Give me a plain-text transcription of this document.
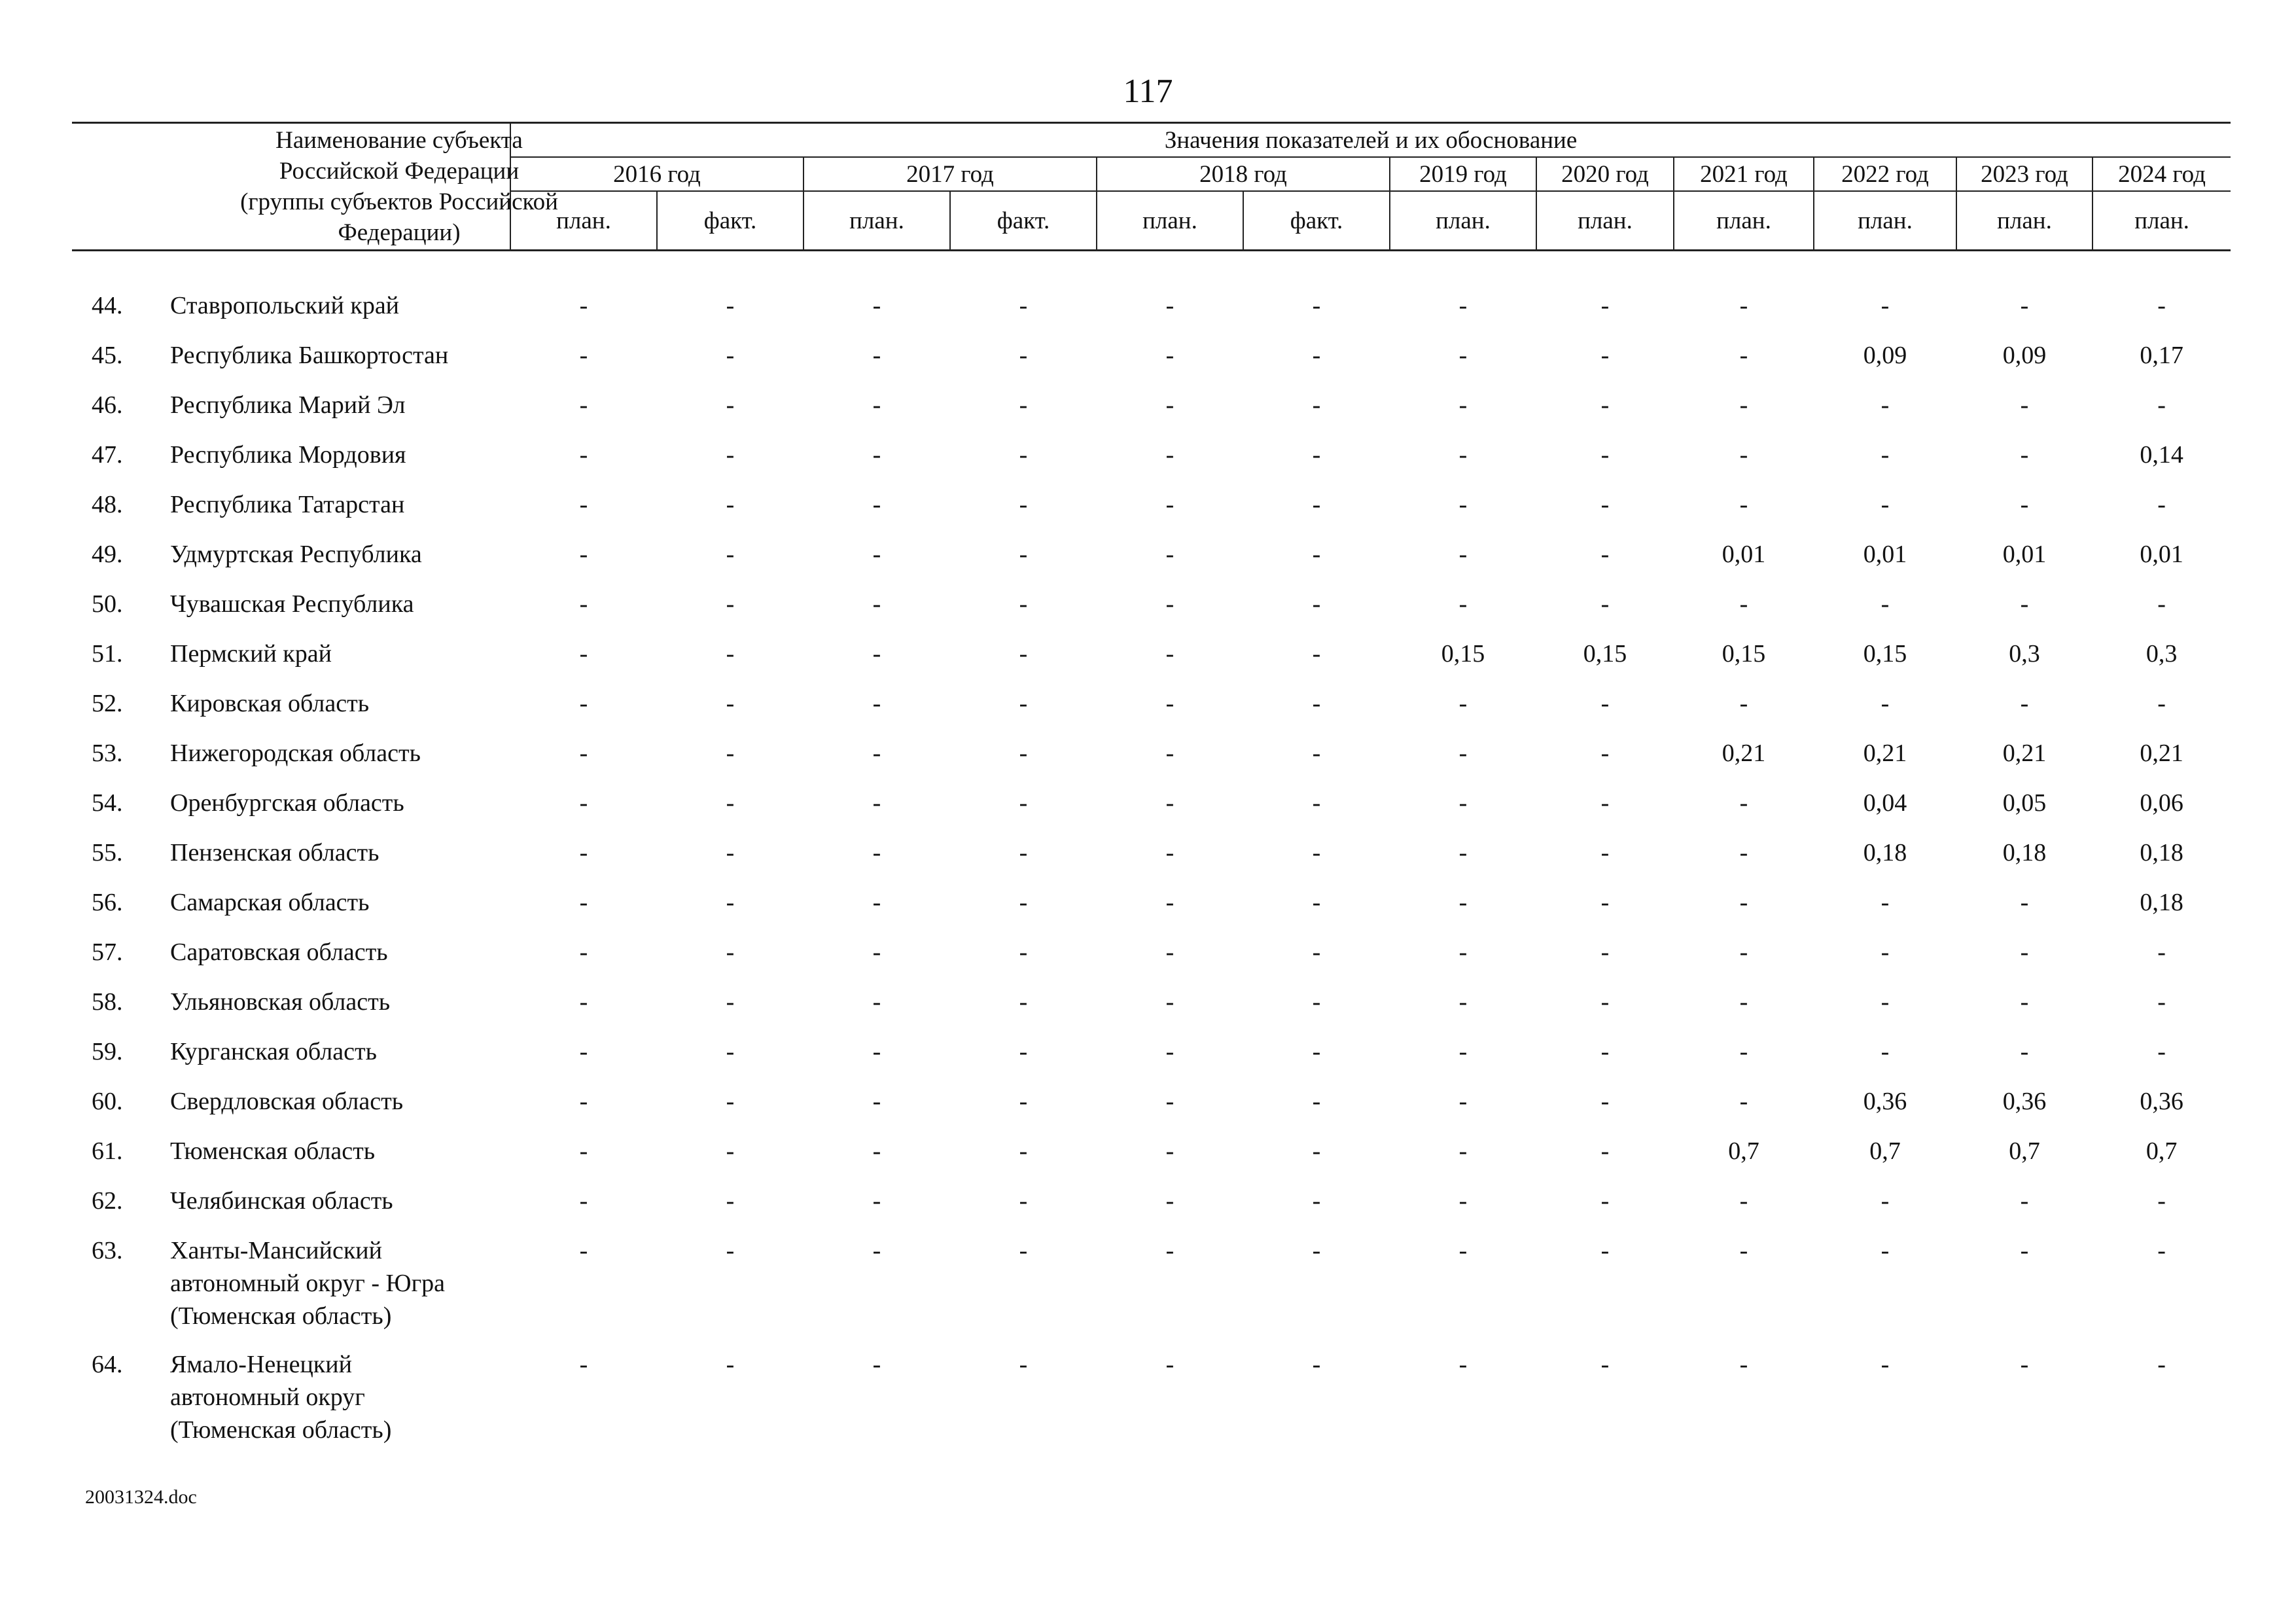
117
Наименование субъекта Российской Федерации (группы субъектов Российской Федерации)		Значения показателей и их обоснование											
		2016 год		2017 год		2018 год		2019 год	2020 год	2021 год	2022 год	2023 год	2024 год
		план.	факт.	план.	факт.	план.	факт.	план.	план.	план.	план.	план.	план.

44.	Ставропольский край	-	-	-	-	-	-	-	-	-	-	-	-
45.	Республика Башкортостан	-	-	-	-	-	-	-	-	-	0,09	0,09	0,17
46.	Республика Марий Эл	-	-	-	-	-	-	-	-	-	-	-	-
47.	Республика Мордовия	-	-	-	-	-	-	-	-	-	-	-	0,14
48.	Республика Татарстан	-	-	-	-	-	-	-	-	-	-	-	-
49.	Удмуртская Республика	-	-	-	-	-	-	-	-	0,01	0,01	0,01	0,01
50.	Чувашская Республика	-	-	-	-	-	-	-	-	-	-	-	-
51.	Пермский край	-	-	-	-	-	-	0,15	0,15	0,15	0,15	0,3	0,3
52.	Кировская область	-	-	-	-	-	-	-	-	-	-	-	-
53.	Нижегородская область	-	-	-	-	-	-	-	-	0,21	0,21	0,21	0,21
54.	Оренбургская область	-	-	-	-	-	-	-	-	-	0,04	0,05	0,06
55.	Пензенская область	-	-	-	-	-	-	-	-	-	0,18	0,18	0,18
56.	Самарская область	-	-	-	-	-	-	-	-	-	-	-	0,18
57.	Саратовская область	-	-	-	-	-	-	-	-	-	-	-	-
58.	Ульяновская область	-	-	-	-	-	-	-	-	-	-	-	-
59.	Курганская область	-	-	-	-	-	-	-	-	-	-	-	-
60.	Свердловская область	-	-	-	-	-	-	-	-	-	0,36	0,36	0,36
61.	Тюменская область	-	-	-	-	-	-	-	-	0,7	0,7	0,7	0,7
62.	Челябинская область	-	-	-	-	-	-	-	-	-	-	-	-
63.	Ханты-Мансийский автономный округ - Югра (Тюменская область)	-	-	-	-	-	-	-	-	-	-	-	-
64.	Ямало-Ненецкий автономный округ (Тюменская область)	-	-	-	-	-	-	-	-	-	-	-	-
20031324.doc
